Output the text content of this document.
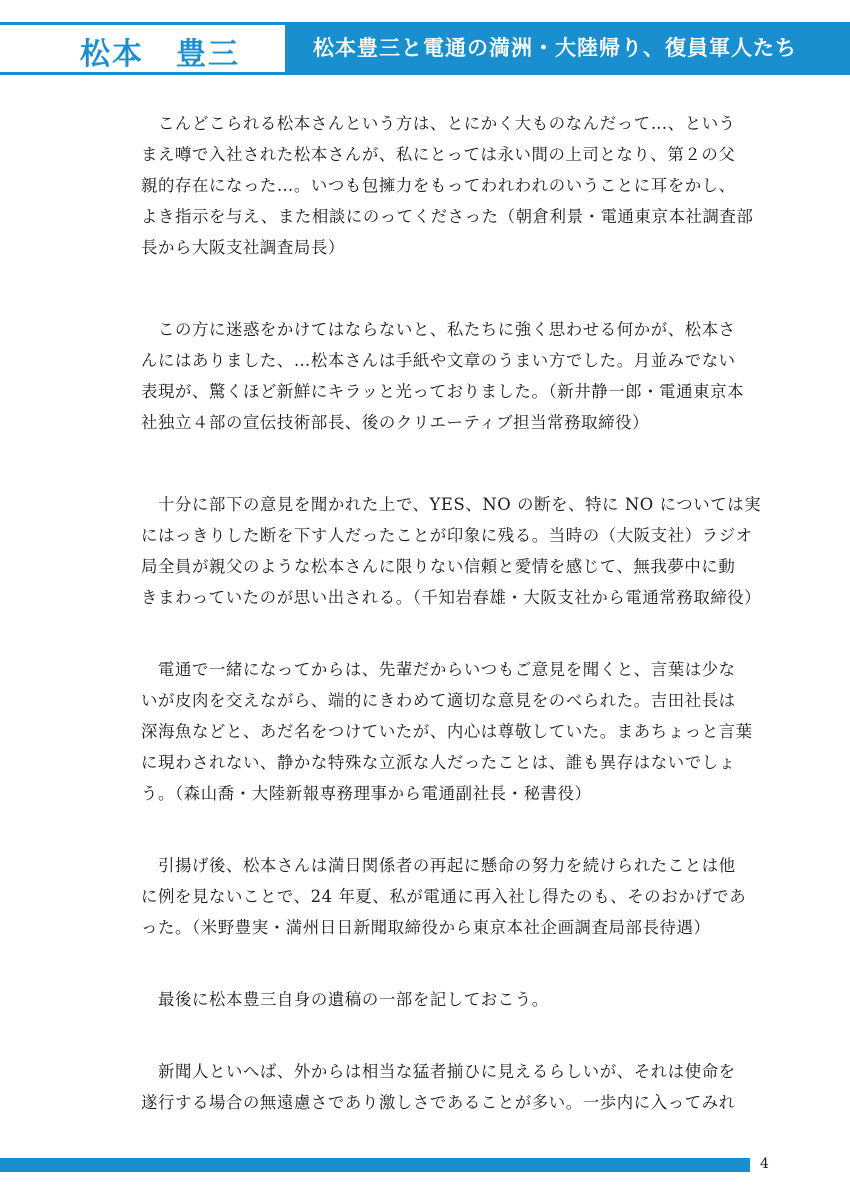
松本　豊三	松本豊三と電通の満洲・大陸帰り、復員軍人たち

　こんどこられる松本さんという方は、とにかく大ものなんだって…、という
まえ噂で入社された松本さんが、私にとっては永い間の上司となり、第２の父
親的存在になった…。いつも包擁力をもってわれわれのいうことに耳をかし、
よき指示を与え、また相談にのってくださった（朝倉利景・電通東京本社調査部
長から大阪支社調査局長）

　この方に迷惑をかけてはならないと、私たちに強く思わせる何かが、松本さ
んにはありました、…松本さんは手紙や文章のうまい方でした。月並みでない
表現が、驚くほど新鮮にキラッと光っておりました。（新井静一郎・電通東京本
社独立４部の宣伝技術部長、後のクリエーティブ担当常務取締役）

　十分に部下の意見を聞かれた上で、YES、NO の断を、特に NO については実
にはっきりした断を下す人だったことが印象に残る。当時の（大阪支社）ラジオ
局全員が親父のような松本さんに限りない信頼と愛情を感じて、無我夢中に動
きまわっていたのが思い出される。（千知岩春雄・大阪支社から電通常務取締役）

　電通で一緒になってからは、先輩だからいつもご意見を聞くと、言葉は少な
いが皮肉を交えながら、端的にきわめて適切な意見をのべられた。吉田社長は
深海魚などと、あだ名をつけていたが、内心は尊敬していた。まあちょっと言葉
に現わされない、静かな特殊な立派な人だったことは、誰も異存はないでしょ
う。（森山喬・大陸新報専務理事から電通副社長・秘書役）

　引揚げ後、松本さんは満日関係者の再起に懸命の努力を続けられたことは他
に例を見ないことで、24 年夏、私が電通に再入社し得たのも、そのおかげであ
った。（米野豊実・満州日日新聞取締役から東京本社企画調査局部長待遇）

　最後に松本豊三自身の遺稿の一部を記しておこう。

　新聞人といへば、外からは相当な猛者揃ひに見えるらしいが、それは使命を
遂行する場合の無遠慮さであり激しさであることが多い。一歩内に入ってみれ

4
